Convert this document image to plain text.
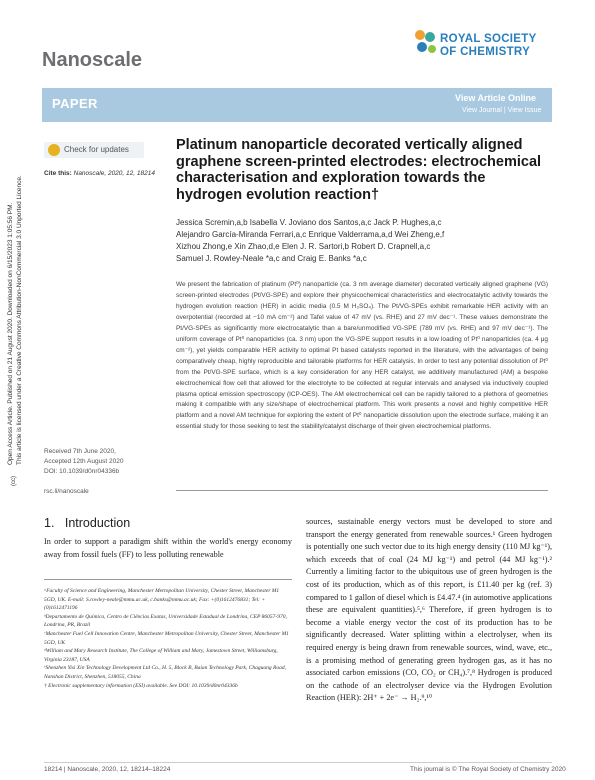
Nanoscale
ROYAL SOCIETY
OF CHEMISTRY
PAPER	View Article Online
View Journal | View Issue
Open Access Article. Published on 21 August 2020. Downloaded on 6/15/2023 1:05:56 PM. This article is licensed under a Creative Commons Attribution-NonCommercial 3.0 Unported Licence.
(cc)
Check for updates
Cite this: Nanoscale, 2020, 12, 18214
Platinum nanoparticle decorated vertically aligned graphene screen-printed electrodes: electrochemical characterisation and exploration towards the hydrogen evolution reaction†
Jessica Scremin,a,b Isabella V. Joviano dos Santos,a,c Jack P. Hughes,a,c
Alejandro García-Miranda Ferrari,a,c Enrique Valderrama,a,d Wei Zheng,e,f
Xizhou Zhong,e Xin Zhao,d,e Elen J. R. Sartori,b Robert D. Crapnell,a,c
Samuel J. Rowley-Neale *a,c and Craig E. Banks *a,c
We present the fabrication of platinum (Pt⁰) nanoparticle (ca. 3 nm average diameter) decorated vertically aligned graphene (VG) screen-printed electrodes (Pt/VG-SPE) and explore their physicochemical characteristics and electrocatalytic activity towards the hydrogen evolution reaction (HER) in acidic media (0.5 M H₂SO₄). The Pt/VG-SPEs exhibit remarkable HER activity with an overpotential (recorded at −10 mA cm⁻²) and Tafel value of 47 mV (vs. RHE) and 27 mV dec⁻¹. These values demonstrate the Pt/VG-SPEs as significantly more electrocatalytic than a bare/unmodified VG-SPE (789 mV (vs. RHE) and 97 mV dec⁻¹). The uniform coverage of Pt⁰ nanoparticles (ca. 3 nm) upon the VG-SPE support results in a low loading of Pt⁰ nanoparticles (ca. 4 μg cm⁻²), yet yields comparable HER activity to optimal Pt based catalysts reported in the literature, with the advantages of being comparatively cheap, highly reproducible and tailorable platforms for HER catalysis. In order to test any potential dissolution of Pt⁰ from the Pt/VG-SPE surface, which is a key consideration for any HER catalyst, we additively manufactured (AM) a bespoke electrochemical flow cell that allowed for the electrolyte to be collected at regular intervals and analysed via inductively coupled plasma optical emission spectroscopy (ICP-OES). The AM electrochemical cell can be rapidly tailored to a plethora of geometries making it compatible with any size/shape of electrochemical platform. This work presents a novel and highly competitive HER platform and a novel AM technique for exploring the extent of Pt⁰ nanoparticle dissolution upon the electrode surface, making it an essential study for those seeking to test the stability/catalyst discharge of their given electrochemical platforms.
Received 7th June 2020,
Accepted 12th August 2020
DOI: 10.1039/d0nr04336b
rsc.li/nanoscale
1. Introduction
In order to support a paradigm shift within the world's energy economy away from fossil fuels (FF) to less polluting renewable
ᵃFaculty of Science and Engineering, Manchester Metropolitan University, Chester Street, Manchester M1 5GD, UK. E-mail: S.rowley-neale@mmu.ac.uk, c.banks@mmu.ac.uk; Fax: +(0)1612476831; Tel: +(0)1612471196
ᵇDepartamento de Química, Centro de Ciências Exatas, Universidade Estadual de Londrina, CEP 86057-970, Londrina, PR, Brazil
ᶜManchester Fuel Cell Innovation Centre, Manchester Metropolitan University, Chester Street, Manchester M1 5GD, UK
ᵈWilliam and Mary Research Institute, The College of William and Mary, Jamestown Street, Williamsburg, Virginia 23187, USA
ᵉShenzhen Yisi Xin Technology Development Ltd Co., H. 5, Block B, Baian Technology Park, Chaguang Road, Nanshan District, Shenzhen, 518055, China
† Electronic supplementary information (ESI) available. See DOI: 10.1039/d0nr04336b
sources, sustainable energy vectors must be developed to store and transport the energy generated from renewable sources.¹ Green hydrogen is potentially one such vector due to its high energy density (110 MJ kg⁻¹), which exceeds that of coal (24 MJ kg⁻¹) and petrol (44 MJ kg⁻¹).² Currently a limiting factor to the ubiquitous use of green hydrogen is the cost of its production, which as of this report, is £11.40 per kg (ref. 3) compared to 1 gallon of diesel which is £4.47.⁴ (in automotive applications these are equivalent quantities).⁵,⁶ Therefore, if green hydrogen is to become a viable energy vector the cost of its production has to be significantly decreased. Water splitting within a electrolyser, when its required energy is being drawn from renewable sources, wind, wave, etc., is a promising method of generating green hydrogen gas, as it has no associated carbon emissions (CO, CO₂ or CH₄).⁷,⁸ Hydrogen is produced on the cathode of an electrolyser device via the Hydrogen Evolution Reaction (HER): 2H⁺ + 2e⁻ → H₂.⁹,¹⁰
18214 | Nanoscale, 2020, 12, 18214–18224	This journal is © The Royal Society of Chemistry 2020
